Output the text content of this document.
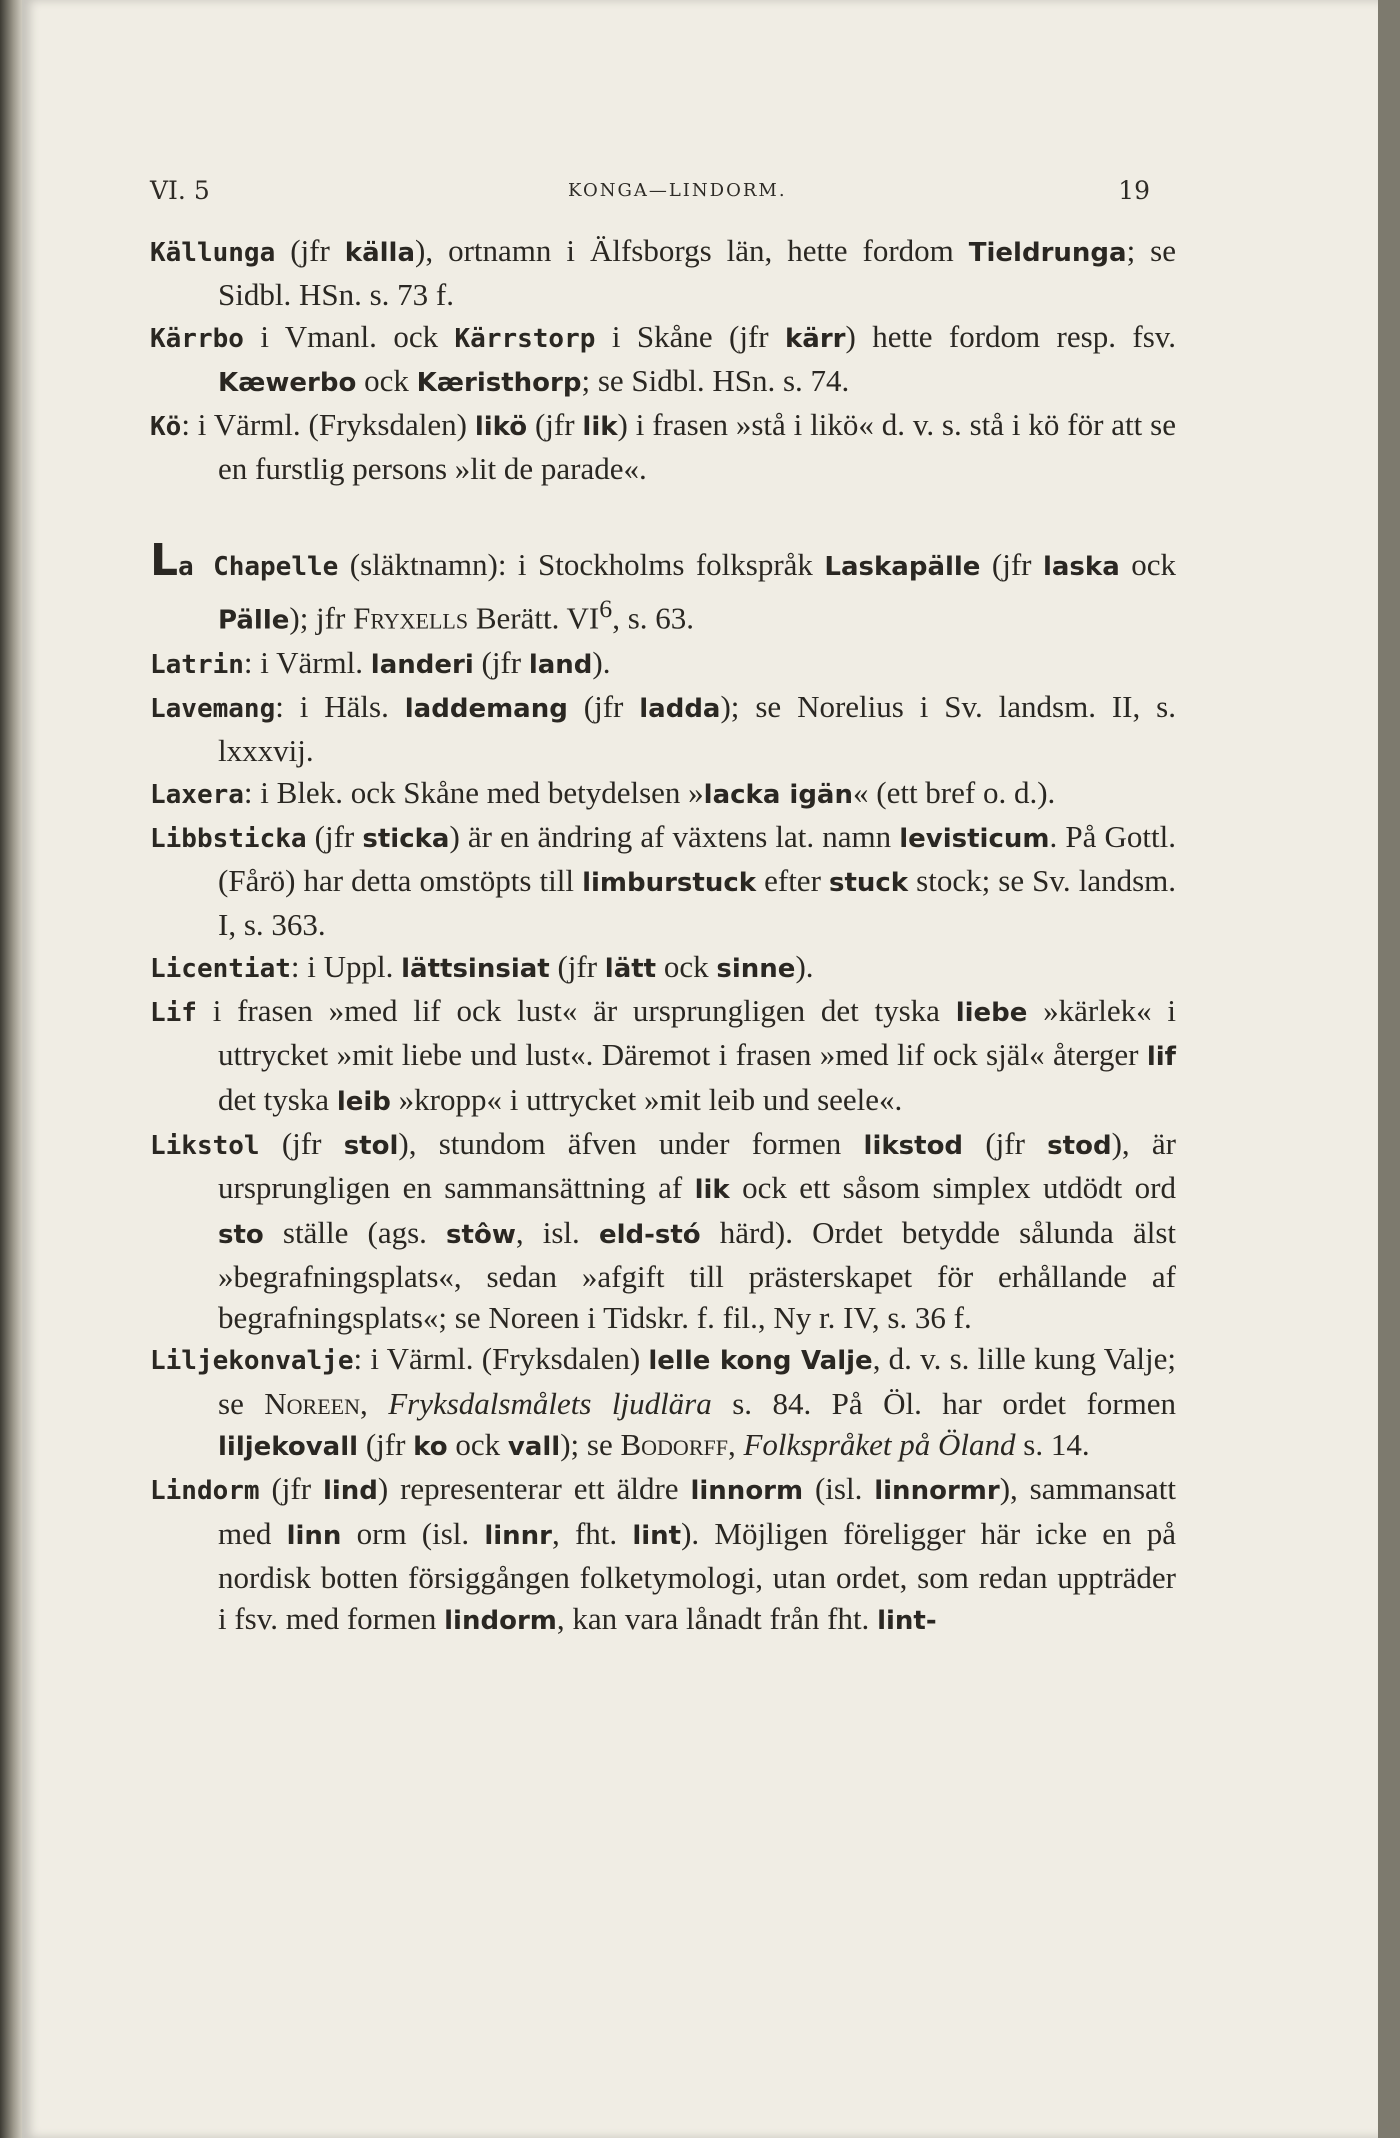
VI. 5	KONGA—LINDORM.	19

Källunga (jfr källa), ortnamn i Älfsborgs län, hette fordom Tieldrunga; se Sidbl. HSn. s. 73 f.

Kärrbo i Vmanl. ock Kärrstorp i Skåne (jfr kärr) hette fordom resp. fsv. Kæwerbo ock Kæristhorp; se Sidbl. HSn. s. 74.

Kö: i Värml. (Fryksdalen) likö (jfr lik) i frasen »stå i likö« d. v. s. stå i kö för att se en furstlig persons »lit de parade«.

La Chapelle (släktnamn): i Stockholms folkspråk Laskapälle (jfr laska ock Pälle); jfr Fryxells Berätt. $VI^6$, s. 63.

Latrin: i Värml. landeri (jfr land).

Lavemang: i Häls. laddemang (jfr ladda); se Norelius i Sv. landsm. II, s. lxxxvij.

Laxera: i Blek. ock Skåne med betydelsen »lacka igän« (ett bref o. d.).

Libbsticka (jfr sticka) är en ändring af växtens lat. namn levisticum. På Gottl. (Fårö) har detta omstöpts till limburstuck efter stuck stock; se Sv. landsm. I, s. 363.

Licentiat: i Uppl. lättsinsiat (jfr lätt ock sinne).

Lif i frasen »med lif ock lust« är ursprungligen det tyska liebe »kärlek« i uttrycket »mit liebe und lust«. Däremot i frasen »med lif ock själ« återger lif det tyska leib »kropp« i uttrycket »mit leib und seele«.

Likstol (jfr stol), stundom äfven under formen likstod (jfr stod), är ursprungligen en sammansättning af lik ock ett såsom simplex utdödt ord sto ställe (ags. stôw, isl. eld-stó härd). Ordet betydde sålunda älst »begrafningsplats«, sedan »afgift till prästerskapet för erhållande af begrafningsplats«; se Noreen i Tidskr. f. fil., Ny r. IV, s. 36 f.

Liljekonvalje: i Värml. (Fryksdalen) lelle kong Valje, d. v. s. lille kung Valje; se Noreen, Fryksdalsmålets ljudlära s. 84. På Öl. har ordet formen liljekovall (jfr ko ock vall); se Bodorff, Folkspråket på Öland s. 14.

Lindorm (jfr lind) representerar ett äldre linnorm (isl. linnormr), sammansatt med linn orm (isl. linnr, fht. lint). Möjligen föreligger här icke en på nordisk botten försiggången folketymologi, utan ordet, som redan uppträder i fsv. med formen lindorm, kan vara lånadt från fht. lint-
